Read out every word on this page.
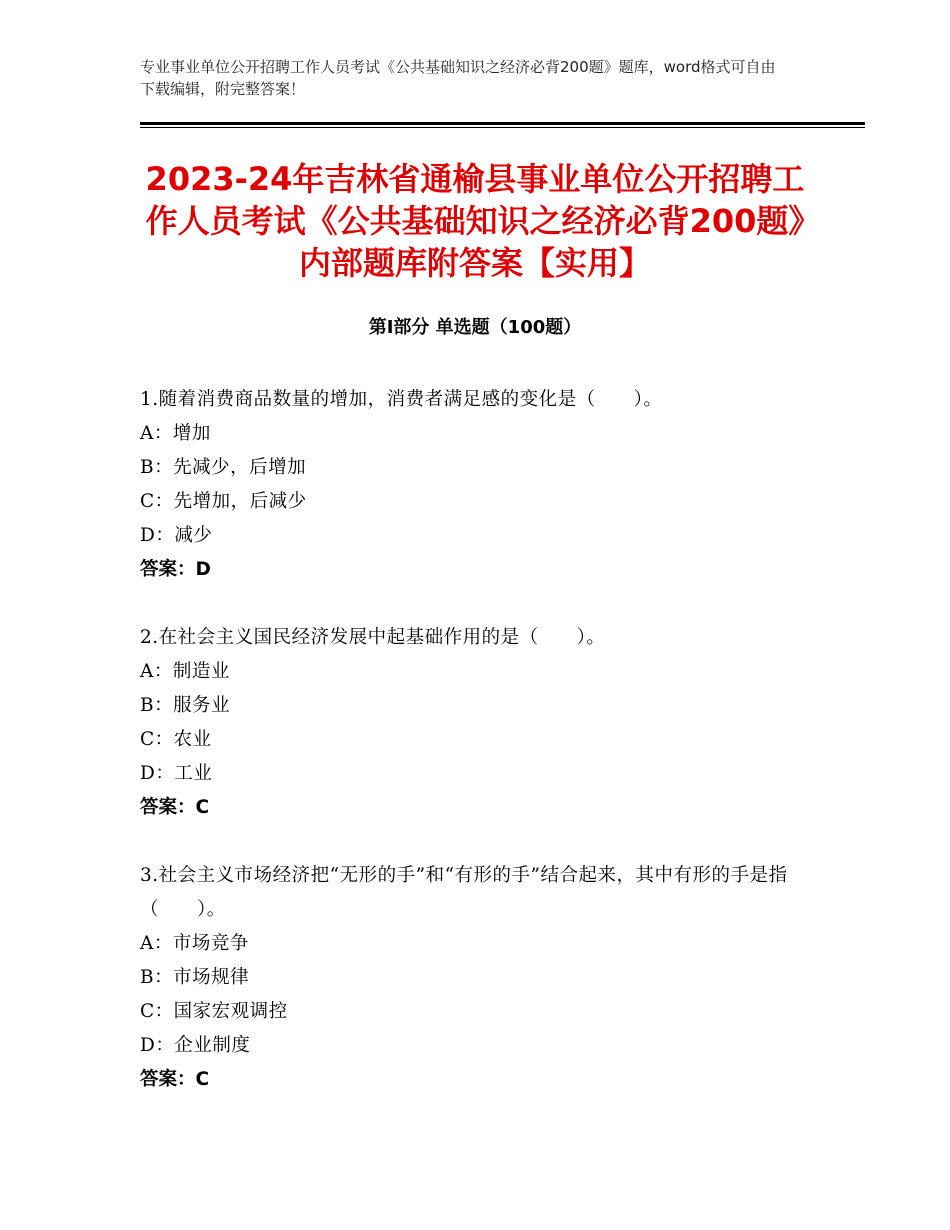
专业事业单位公开招聘工作人员考试《公共基础知识之经济必背200题》题库，word格式可自由下载编辑，附完整答案！
2023-24年吉林省通榆县事业单位公开招聘工作人员考试《公共基础知识之经济必背200题》内部题库附答案【实用】
第Ⅰ部分 单选题（100题）
1.随着消费商品数量的增加，消费者满足感的变化是（　　）。
A：增加
B：先减少，后增加
C：先增加，后减少
D：减少
答案：D
2.在社会主义国民经济发展中起基础作用的是（　　）。
A：制造业
B：服务业
C：农业
D：工业
答案：C
3.社会主义市场经济把“无形的手”和“有形的手”结合起来，其中有形的手是指（　　）。
A：市场竞争
B：市场规律
C：国家宏观调控
D：企业制度
答案：C
